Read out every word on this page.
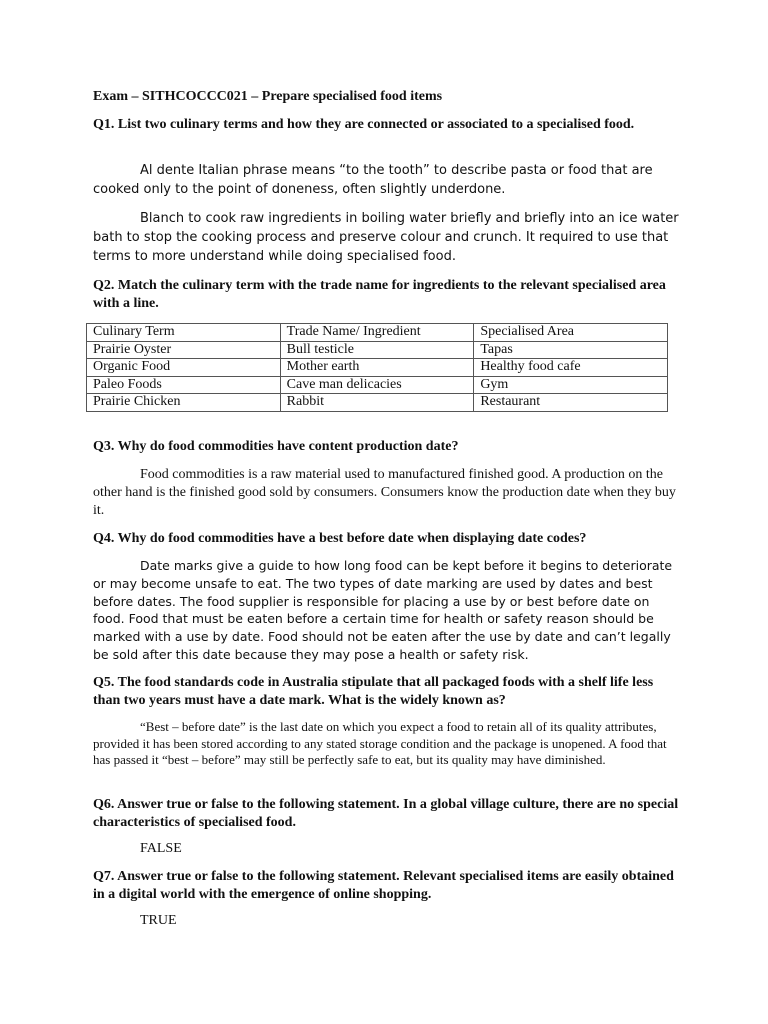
Exam – SITHCOCCC021 – Prepare specialised food items

Q1. List two culinary terms and how they are connected or associated to a specialised food.

Al dente Italian phrase means “to the tooth” to describe pasta or food that are cooked only to the point of doneness, often slightly underdone.

Blanch to cook raw ingredients in boiling water briefly and briefly into an ice water bath to stop the cooking process and preserve colour and crunch. It required to use that terms to more understand while doing specialised food.

Q2. Match the culinary term with the trade name for ingredients to the relevant specialised area with a line.

Culinary Term	Trade Name/ Ingredient	Specialised Area
Prairie Oyster	Bull testicle	Tapas
Organic Food	Mother earth	Healthy food cafe
Paleo Foods	Cave man delicacies	Gym
Prairie Chicken	Rabbit	Restaurant

Q3. Why do food commodities have content production date?

Food commodities is a raw material used to manufactured finished good. A production on the other hand is the finished good sold by consumers. Consumers know the production date when they buy it.

Q4. Why do food commodities have a best before date when displaying date codes?

Date marks give a guide to how long food can be kept before it begins to deteriorate or may become unsafe to eat. The two types of date marking are used by dates and best before dates. The food supplier is responsible for placing a use by or best before date on food. Food that must be eaten before a certain time for health or safety reason should be marked with a use by date. Food should not be eaten after the use by date and can’t legally be sold after this date because they may pose a health or safety risk.

Q5. The food standards code in Australia stipulate that all packaged foods with a shelf life less than two years must have a date mark. What is the widely known as?

“Best – before date” is the last date on which you expect a food to retain all of its quality attributes, provided it has been stored according to any stated storage condition and the package is unopened. A food that has passed it “best – before” may still be perfectly safe to eat, but its quality may have diminished.

Q6. Answer true or false to the following statement. In a global village culture, there are no special characteristics of specialised food.

FALSE

Q7. Answer true or false to the following statement. Relevant specialised items are easily obtained in a digital world with the emergence of online shopping.

TRUE
